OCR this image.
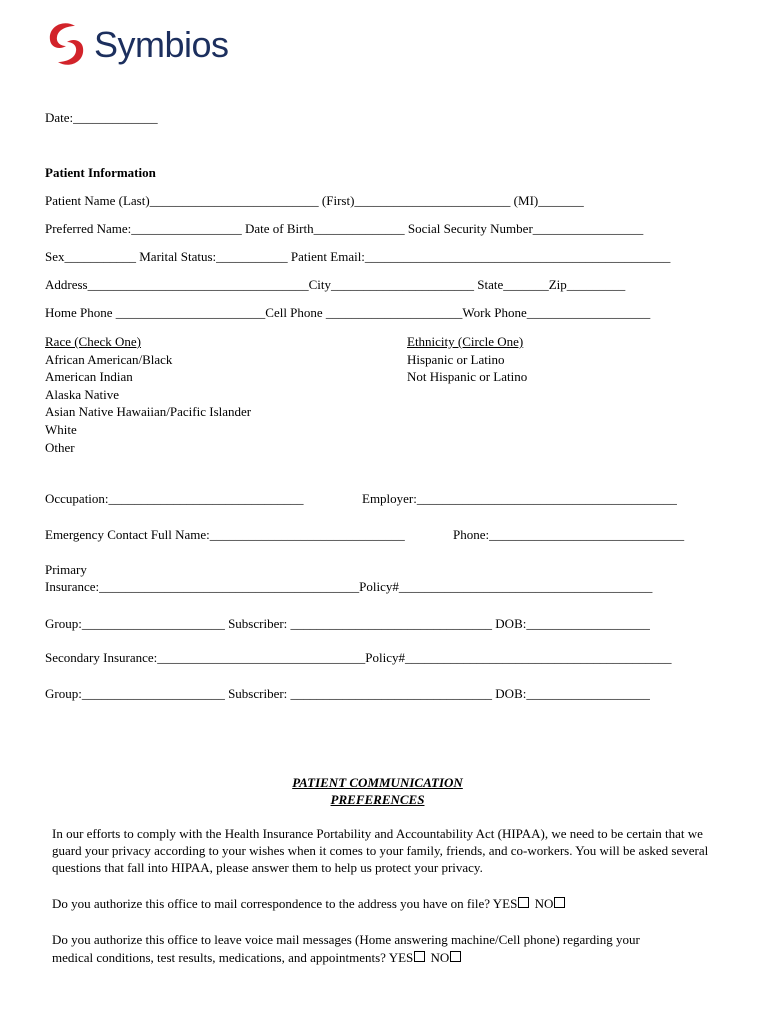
Symbios
Date:_____________
Patient Information
Patient Name (Last)__________________________ (First)________________________ (MI)_______
Preferred Name:_________________ Date of Birth______________ Social Security Number_________________
Sex___________ Marital Status:___________ Patient Email:_______________________________________________
Address__________________________________City______________________ State_______Zip_________
Home Phone _______________________Cell Phone _____________________Work Phone___________________
Race (Check One)
African American/Black
American Indian
Alaska Native
Asian Native Hawaiian/Pacific Islander
White
Other
Ethnicity (Circle One)
Hispanic or Latino
Not Hispanic or Latino
Occupation:______________________________	Employer:________________________________________
Emergency Contact Full Name:______________________________	Phone:______________________________
Primary
Insurance:________________________________________Policy#_______________________________________
Group:______________________ Subscriber: _______________________________ DOB:___________________
Secondary Insurance:________________________________Policy#_________________________________________
Group:______________________ Subscriber: _______________________________ DOB:___________________
PATIENT COMMUNICATION
PREFERENCES
In our efforts to comply with the Health Insurance Portability and Accountability Act (HIPAA), we need to be certain that we guard your privacy according to your wishes when it comes to your family, friends, and co-workers. You will be asked several questions that fall into HIPAA, please answer them to help us protect your privacy.
Do you authorize this office to mail correspondence to the address you have on file? YES NO
Do you authorize this office to leave voice mail messages (Home answering machine/Cell phone) regarding your
medical conditions, test results, medications, and appointments? YES NO
